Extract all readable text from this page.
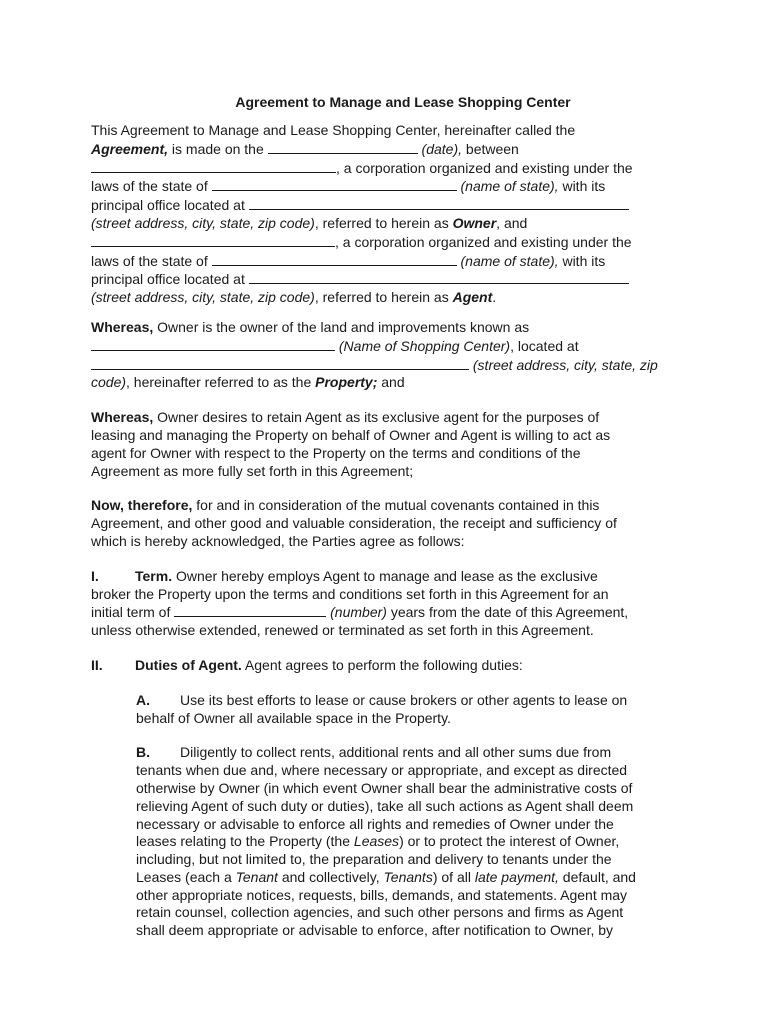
Agreement to Manage and Lease Shopping Center

This Agreement to Manage and Lease Shopping Center, hereinafter called the
Agreement, is made on the	(date), between
, a corporation organized and existing under the
laws of the state of	(name of state), with its
principal office located at
(street address, city, state, zip code), referred to herein as Owner, and
, a corporation organized and existing under the
laws of the state of	(name of state), with its
principal office located at
(street address, city, state, zip code), referred to herein as Agent.

Whereas, Owner is the owner of the land and improvements known as
(Name of Shopping Center), located at
(street address, city, state, zip
code), hereinafter referred to as the Property; and

Whereas, Owner desires to retain Agent as its exclusive agent for the purposes of
leasing and managing the Property on behalf of Owner and Agent is willing to act as
agent for Owner with respect to the Property on the terms and conditions of the
Agreement as more fully set forth in this Agreement;

Now, therefore, for and in consideration of the mutual covenants contained in this
Agreement, and other good and valuable consideration, the receipt and sufficiency of
which is hereby acknowledged, the Parties agree as follows:

I.	Term. Owner hereby employs Agent to manage and lease as the exclusive
broker the Property upon the terms and conditions set forth in this Agreement for an
initial term of	(number) years from the date of this Agreement,
unless otherwise extended, renewed or terminated as set forth in this Agreement.

II. Duties of Agent. Agent agrees to perform the following duties:

A. Use its best efforts to lease or cause brokers or other agents to lease on
behalf of Owner all available space in the Property.

B. Diligently to collect rents, additional rents and all other sums due from
tenants when due and, where necessary or appropriate, and except as directed
otherwise by Owner (in which event Owner shall bear the administrative costs of
relieving Agent of such duty or duties), take all such actions as Agent shall deem
necessary or advisable to enforce all rights and remedies of Owner under the
leases relating to the Property (the Leases) or to protect the interest of Owner,
including, but not limited to, the preparation and delivery to tenants under the
Leases (each a Tenant and collectively, Tenants) of all late payment, default, and
other appropriate notices, requests, bills, demands, and statements. Agent may
retain counsel, collection agencies, and such other persons and firms as Agent
shall deem appropriate or advisable to enforce, after notification to Owner, by
